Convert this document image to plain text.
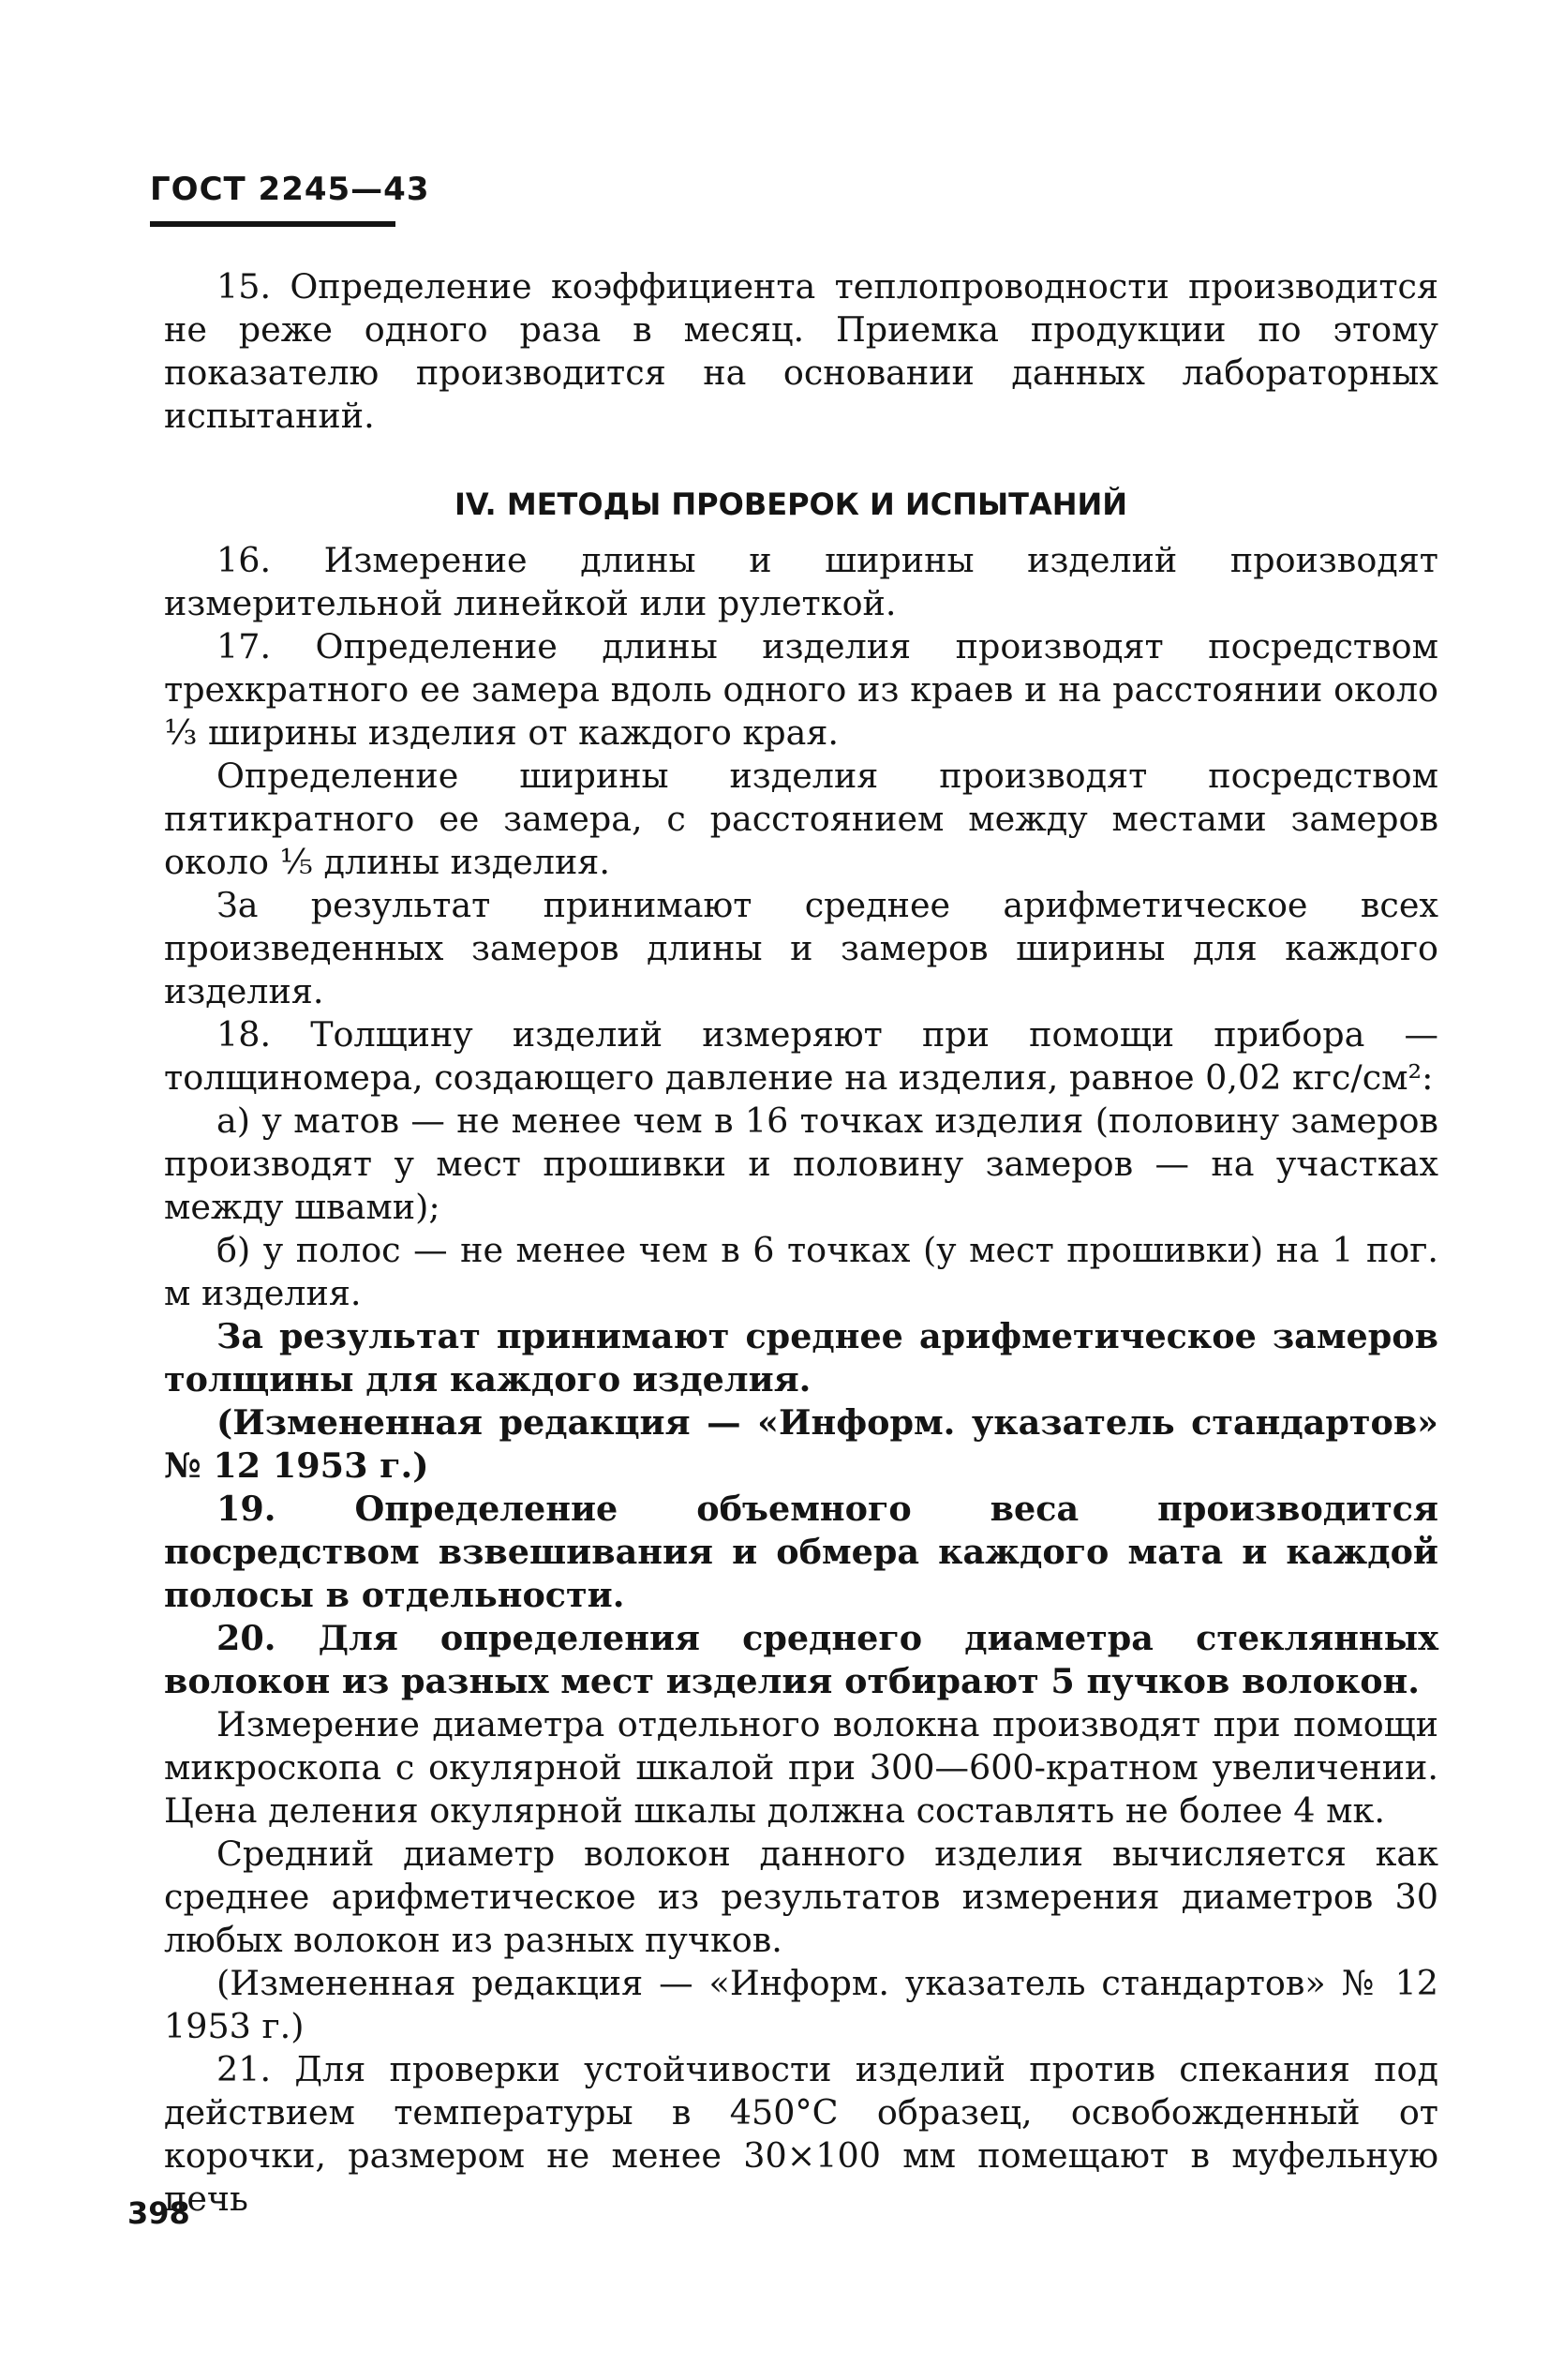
ГОСТ 2245—43

15. Определение коэффициента теплопроводности производится не реже одного раза в месяц. Приемка продукции по этому показателю производится на основании данных лабораторных испытаний.

IV. МЕТОДЫ ПРОВЕРОК И ИСПЫТАНИЙ

16. Измерение длины и ширины изделий производят измерительной линейкой или рулеткой.

17. Определение длины изделия производят посредством трехкратного ее замера вдоль одного из краев и на расстоянии около ⅓ ширины изделия от каждого края.

Определение ширины изделия производят посредством пятикратного ее замера, с расстоянием между местами замеров около ⅕ длины изделия.

За результат принимают среднее арифметическое всех произведенных замеров длины и замеров ширины для каждого изделия.

18. Толщину изделий измеряют при помощи прибора — толщиномера, создающего давление на изделия, равное 0,02 кгс/см²:

а) у матов — не менее чем в 16 точках изделия (половину замеров производят у мест прошивки и половину замеров — на участках между швами);

б) у полос — не менее чем в 6 точках (у мест прошивки) на 1 пог. м изделия.

За результат принимают среднее арифметическое замеров толщины для каждого изделия.

(Измененная редакция — «Информ. указатель стандартов» № 12 1953 г.)

19. Определение объемного веса производится посредством взвешивания и обмера каждого мата и каждой полосы в отдельности.

20. Для определения среднего диаметра стеклянных волокон из разных мест изделия отбирают 5 пучков волокон.

Измерение диаметра отдельного волокна производят при помощи микроскопа с окулярной шкалой при 300—600-кратном увеличении. Цена деления окулярной шкалы должна составлять не более 4 мк.

Средний диаметр волокон данного изделия вычисляется как среднее арифметическое из результатов измерения диаметров 30 любых волокон из разных пучков.

(Измененная редакция — «Информ. указатель стандартов» № 12 1953 г.)

21. Для проверки устойчивости изделий против спекания под действием температуры в 450°C образец, освобожденный от корочки, размером не менее 30×100 мм помещают в муфельную печь

398
